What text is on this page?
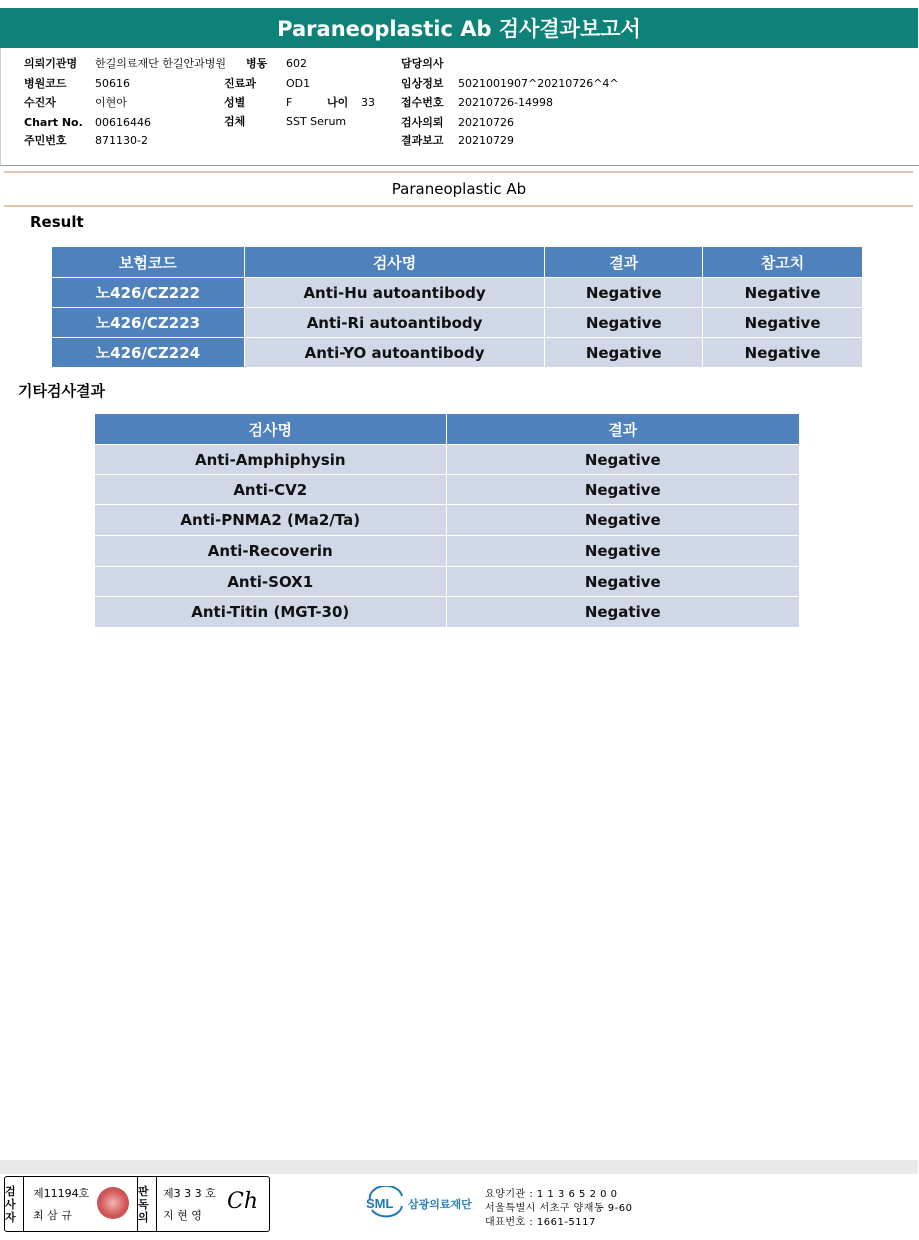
Paraneoplastic Ab 검사결과보고서
의뢰기관명 한길의료재단 한길안과병원 병동 602	담당의사
병원코드	50616	진료과	OD1	임상정보 5021001907^20210726^4^
수진자	이현아	성별	F	나이 33 접수번호 20210726-14998
Chart No. 00616446	검체	SST Serum	검사의뢰 20210726
주민번호	871130-2	결과보고 20210729
Paraneoplastic Ab
Result
보험코드	검사명	결과	참고치
노426/CZ222	Anti-Hu autoantibody	Negative	Negative
노426/CZ223	Anti-Ri autoantibody	Negative	Negative
노426/CZ224	Anti-YO autoantibody	Negative	Negative
기타검사결과
검사명	결과
Anti-Amphiphysin	Negative
Anti-CV2	Negative
Anti-PNMA2 (Ma2/Ta)	Negative
Anti-Recoverin	Negative
Anti-SOX1	Negative
Anti-Titin (MGT-30)	Negative
검사자
제11194호
최 삼 규
판독의
제3 3 3 호
지 현 영
Ch	SML 삼광의료재단
요양기관 : 1 1 3 6 5 2 0 0
서울특별시 서초구 양재동 9-60
대표번호 : 1661-5117
